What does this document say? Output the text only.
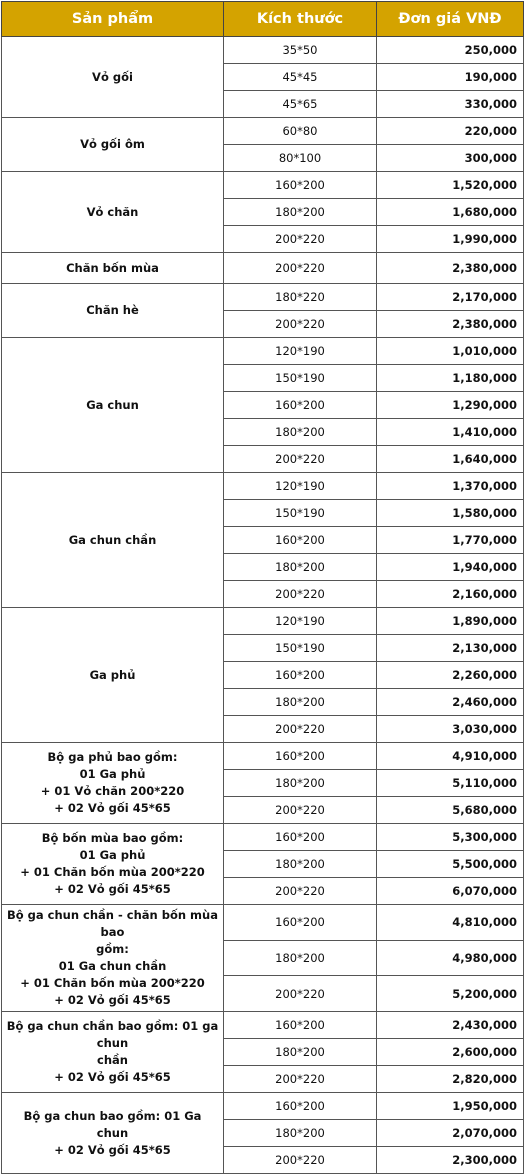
Sản phẩm	Kích thước	Đơn giá VNĐ

Vỏ gối	35*50	250,000
	45*45	190,000
	45*65	330,000

Vỏ gối ôm	60*80	220,000
	80*100	300,000

Vỏ chăn	160*200	1,520,000
	180*200	1,680,000
	200*220	1,990,000

Chăn bốn mùa	200*220	2,380,000

Chăn hè	180*220	2,170,000
	200*220	2,380,000

Ga chun	120*190	1,010,000
	150*190	1,180,000
	160*200	1,290,000
	180*200	1,410,000
	200*220	1,640,000

Ga chun chần	120*190	1,370,000
	150*190	1,580,000
	160*200	1,770,000
	180*200	1,940,000
	200*220	2,160,000

Ga phủ	120*190	1,890,000
	150*190	2,130,000
	160*200	2,260,000
	180*200	2,460,000
	200*220	3,030,000

Bộ ga phủ bao gồm:
01 Ga phủ
+ 01 Vỏ chăn 200*220
+ 02 Vỏ gối 45*65	160*200	4,910,000
	180*200	5,110,000
	200*220	5,680,000

Bộ bốn mùa bao gồm:
01 Ga phủ
+ 01 Chăn bốn mùa 200*220
+ 02 Vỏ gối 45*65	160*200	5,300,000
	180*200	5,500,000
	200*220	6,070,000

Bộ ga chun chần - chăn bốn mùa bao
gồm:
01 Ga chun chần
+ 01 Chăn bốn mùa 200*220
+ 02 Vỏ gối 45*65	160*200	4,810,000
	180*200	4,980,000
	200*220	5,200,000

Bộ ga chun chần bao gồm: 01 ga chun
chần
+ 02 Vỏ gối 45*65	160*200	2,430,000
	180*200	2,600,000
	200*220	2,820,000

Bộ ga chun bao gồm: 01 Ga chun
+ 02 Vỏ gối 45*65	160*200	1,950,000
	180*200	2,070,000
	200*220	2,300,000
